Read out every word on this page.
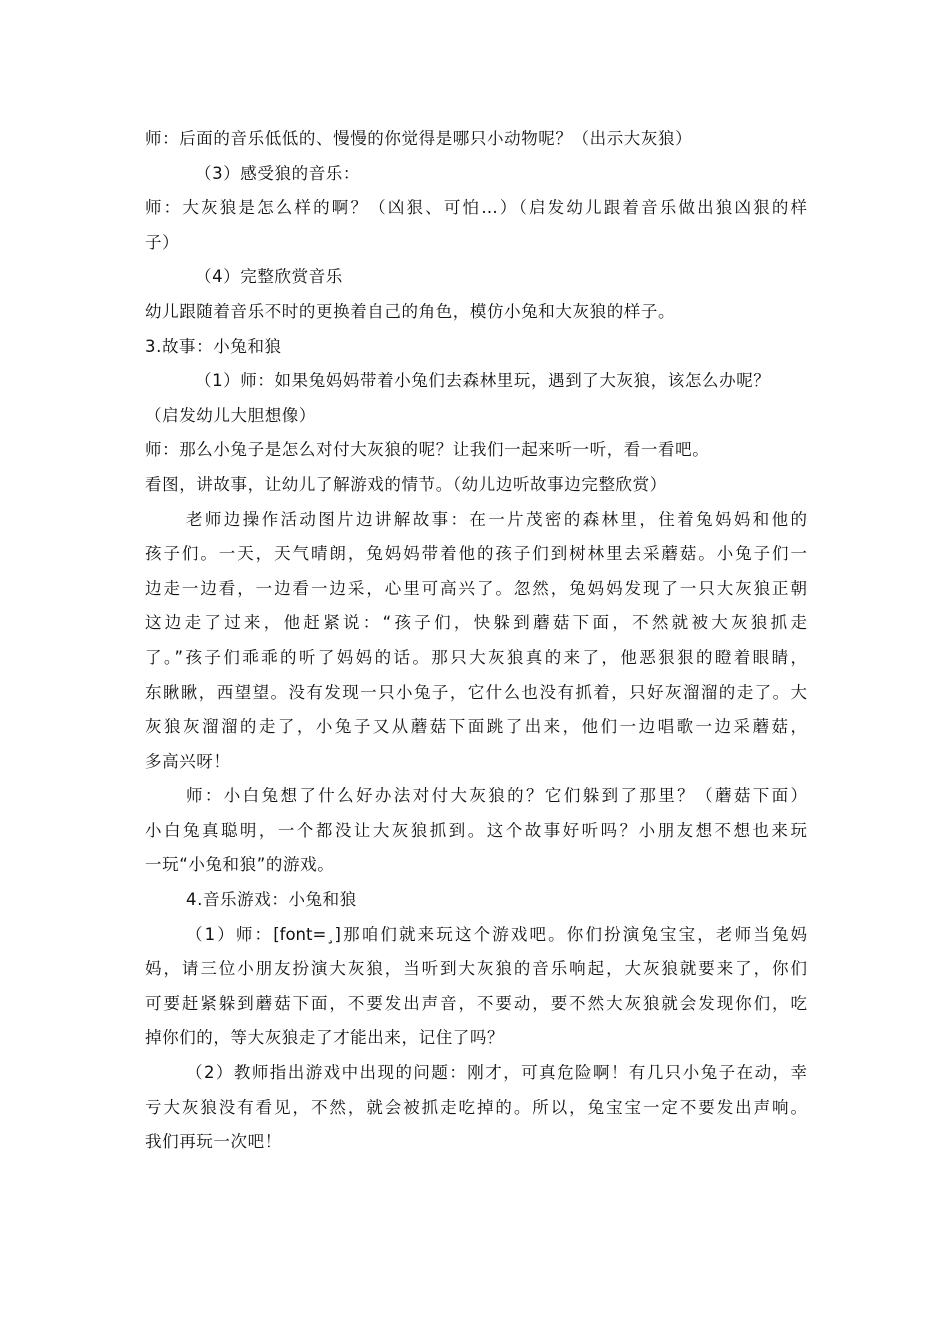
师：后面的音乐低低的、慢慢的你觉得是哪只小动物呢？（出示大灰狼）
（3）感受狼的音乐：
师：大灰狼是怎么样的啊？（凶狠、可怕…）（启发幼儿跟着音乐做出狼凶狠的样
子）
（4）完整欣赏音乐
幼儿跟随着音乐不时的更换着自己的角色，模仿小兔和大灰狼的样子。
3.故事：小兔和狼
（1）师：如果兔妈妈带着小兔们去森林里玩，遇到了大灰狼，该怎么办呢？
（启发幼儿大胆想像）
师：那么小兔子是怎么对付大灰狼的呢？让我们一起来听一听，看一看吧。
看图，讲故事，让幼儿了解游戏的情节。（幼儿边听故事边完整欣赏）
老师边操作活动图片边讲解故事：在一片茂密的森林里，住着兔妈妈和他的
孩子们。一天，天气晴朗，兔妈妈带着他的孩子们到树林里去采蘑菇。小兔子们一
边走一边看，一边看一边采，心里可高兴了。忽然，兔妈妈发现了一只大灰狼正朝
这边走了过来，他赶紧说：“孩子们，快躲到蘑菇下面，不然就被大灰狼抓走
了。”孩子们乖乖的听了妈妈的话。那只大灰狼真的来了，他恶狠狠的瞪着眼睛，
东瞅瞅，西望望。没有发现一只小兔子，它什么也没有抓着，只好灰溜溜的走了。大
灰狼灰溜溜的走了，小兔子又从蘑菇下面跳了出来，他们一边唱歌一边采蘑菇，
多高兴呀！
师：小白兔想了什么好办法对付大灰狼的？它们躲到了那里？（蘑菇下面）
小白兔真聪明，一个都没让大灰狼抓到。这个故事好听吗？小朋友想不想也来玩
一玩“小兔和狼”的游戏。
4.音乐游戏：小兔和狼
（1）师：[font=¸]那咱们就来玩这个游戏吧。你们扮演兔宝宝，老师当兔妈
妈，请三位小朋友扮演大灰狼，当听到大灰狼的音乐响起，大灰狼就要来了，你们
可要赶紧躲到蘑菇下面，不要发出声音，不要动，要不然大灰狼就会发现你们，吃
掉你们的，等大灰狼走了才能出来，记住了吗？
（2）教师指出游戏中出现的问题：刚才，可真危险啊！有几只小兔子在动，幸
亏大灰狼没有看见，不然，就会被抓走吃掉的。所以，兔宝宝一定不要发出声响。
我们再玩一次吧！
